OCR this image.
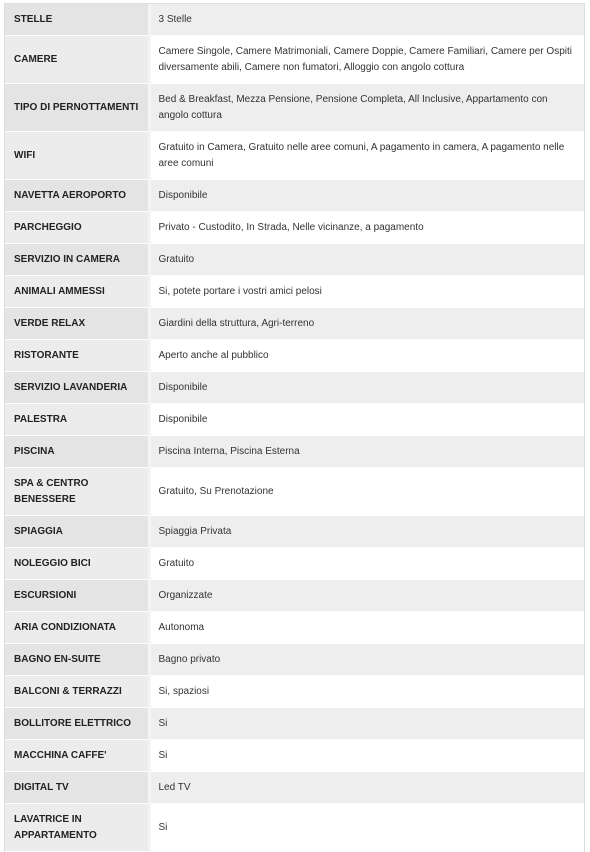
STELLE	3 Stelle
CAMERE	Camere Singole, Camere Matrimoniali, Camere Doppie, Camere Familiari, Camere per Ospiti diversamente abili, Camere non fumatori, Alloggio con angolo cottura
TIPO DI PERNOTTAMENTI	Bed & Breakfast, Mezza Pensione, Pensione Completa, All Inclusive, Appartamento con angolo cottura
WIFI	Gratuito in Camera, Gratuito nelle aree comuni, A pagamento in camera, A pagamento nelle aree comuni
NAVETTA AEROPORTO	Disponibile
PARCHEGGIO	Privato - Custodito, In Strada, Nelle vicinanze, a pagamento
SERVIZIO IN CAMERA	Gratuito
ANIMALI AMMESSI	Si, potete portare i vostri amici pelosi
VERDE RELAX	Giardini della struttura, Agri-terreno
RISTORANTE	Aperto anche al pubblico
SERVIZIO LAVANDERIA	Disponibile
PALESTRA	Disponibile
PISCINA	Piscina Interna, Piscina Esterna
SPA & CENTRO BENESSERE	Gratuito, Su Prenotazione
SPIAGGIA	Spiaggia Privata
NOLEGGIO BICI	Gratuito
ESCURSIONI	Organizzate
ARIA CONDIZIONATA	Autonoma
BAGNO EN-SUITE	Bagno privato
BALCONI & TERRAZZI	Si, spaziosi
BOLLITORE ELETTRICO	Si
MACCHINA CAFFE'	Si
DIGITAL TV	Led TV
LAVATRICE IN APPARTAMENTO	Si
